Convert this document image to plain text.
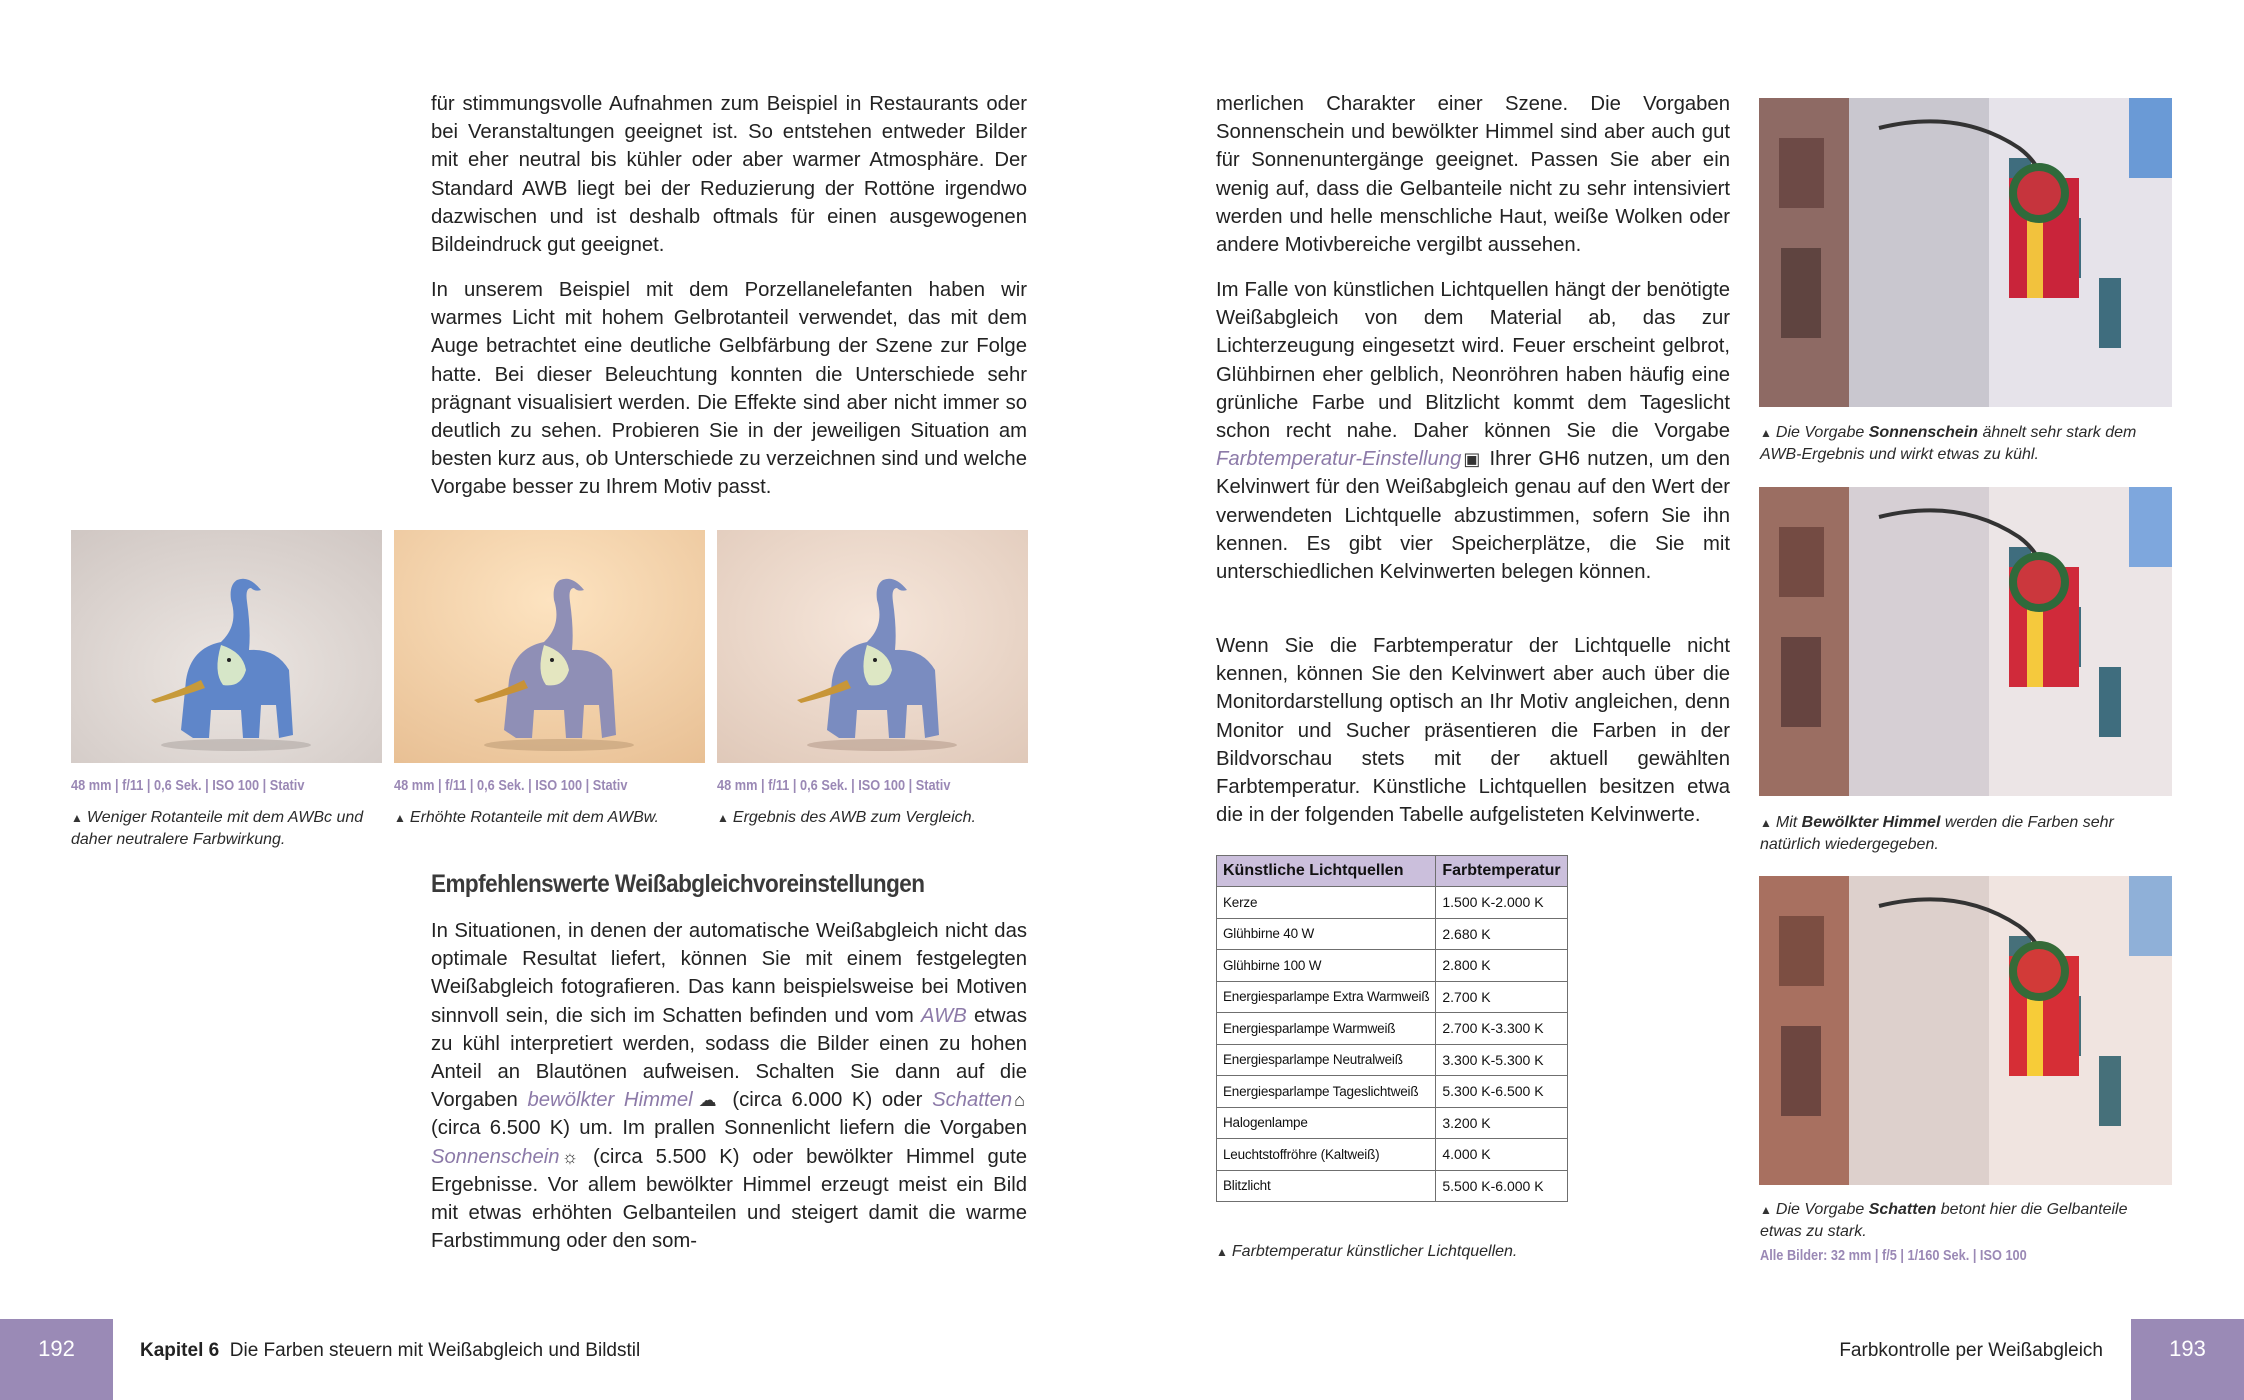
für stimmungsvolle Aufnahmen zum Beispiel in Restaurants oder bei Veranstaltungen geeignet ist. So entstehen entweder Bilder mit eher neutral bis kühler oder aber warmer Atmosphäre. Der Standard AWB liegt bei der Reduzierung der Rottöne irgendwo dazwischen und ist deshalb oftmals für einen ausgewogenen Bildeindruck gut geeignet.
In unserem Beispiel mit dem Porzellanelefanten haben wir warmes Licht mit hohem Gelbrotanteil verwendet, das mit dem Auge betrachtet eine deutliche Gelbfärbung der Szene zur Folge hatte. Bei dieser Beleuchtung konnten die Unterschiede sehr prägnant visualisiert werden. Die Effekte sind aber nicht immer so deutlich zu sehen. Probieren Sie in der jeweiligen Situation am besten kurz aus, ob Unterschiede zu verzeichnen sind und welche Vorgabe besser zu Ihrem Motiv passt.
48 mm | f/11 | 0,6 Sek. | ISO 100 | Stativ	48 mm | f/11 | 0,6 Sek. | ISO 100 | Stativ	48 mm | f/11 | 0,6 Sek. | ISO 100 | Stativ
▲ Weniger Rotanteile mit dem AWBc und daher neutralere Farbwirkung.
▲ Erhöhte Rotanteile mit dem AWBw.	▲ Ergebnis des AWB zum Vergleich.
Empfehlenswerte Weißabgleichvoreinstellungen
In Situationen, in denen der automatische Weißabgleich nicht das optimale Resultat liefert, können Sie mit einem festgelegten Weißabgleich fotografieren. Das kann beispielsweise bei Motiven sinnvoll sein, die sich im Schatten befinden und vom AWB etwas zu kühl interpretiert werden, sodass die Bilder einen zu hohen Anteil an Blautönen aufweisen. Schalten Sie dann auf die Vorgaben bewölkter Himmel ☁ (circa 6.000 K) oder Schatten ⌂ (circa 6.500 K) um. Im prallen Sonnenlicht liefern die Vorgaben Sonnenschein ☼ (circa 5.500 K) oder bewölkter Himmel gute Ergebnisse. Vor allem bewölkter Himmel erzeugt meist ein Bild mit etwas erhöhten Gelbanteilen und steigert damit die warme Farbstimmung oder den som-
merlichen Charakter einer Szene. Die Vorgaben Sonnenschein und bewölkter Himmel sind aber auch gut für Sonnenuntergänge geeignet. Passen Sie aber ein wenig auf, dass die Gelbanteile nicht zu sehr intensiviert werden und helle menschliche Haut, weiße Wolken oder andere Motivbereiche vergilbt aussehen.
Im Falle von künstlichen Lichtquellen hängt der benötigte Weißabgleich von dem Material ab, das zur Lichterzeugung eingesetzt wird. Feuer erscheint gelbrot, Glühbirnen eher gelblich, Neonröhren haben häufig eine grünliche Farbe und Blitzlicht kommt dem Tageslicht schon recht nahe. Daher können Sie die Vorgabe Farbtemperatur-Einstellung ▣ Ihrer GH6 nutzen, um den Kelvinwert für den Weißabgleich genau auf den Wert der verwendeten Lichtquelle abzustimmen, sofern Sie ihn kennen. Es gibt vier Speicherplätze, die Sie mit unterschiedlichen Kelvinwerten belegen können.
Wenn Sie die Farbtemperatur der Lichtquelle nicht kennen, können Sie den Kelvinwert aber auch über die Monitordarstellung optisch an Ihr Motiv angleichen, denn Monitor und Sucher präsentieren die Farben in der Bildvorschau stets mit der aktuell gewählten Farbtemperatur. Künstliche Lichtquellen besitzen etwa die in der folgenden Tabelle aufgelisteten Kelvinwerte.
Künstliche Lichtquellen	Farbtemperatur
Kerze	1.500 K-2.000 K
Glühbirne 40 W	2.680 K
Glühbirne 100 W	2.800 K
Energiesparlampe Extra Warmweiß	2.700 K
Energiesparlampe Warmweiß	2.700 K-3.300 K
Energiesparlampe Neutralweiß	3.300 K-5.300 K
Energiesparlampe Tageslichtweiß	5.300 K-6.500 K
Halogenlampe	3.200 K
Leuchtstoffröhre (Kaltweiß)	4.000 K
Blitzlicht	5.500 K-6.000 K
▲ Farbtemperatur künstlicher Lichtquellen.
▲ Die Vorgabe Sonnenschein ähnelt sehr stark dem AWB-Ergebnis und wirkt etwas zu kühl.
▲ Mit Bewölkter Himmel werden die Farben sehr natürlich wiedergegeben.
▲ Die Vorgabe Schatten betont hier die Gelbanteile etwas zu stark.
Alle Bilder: 32 mm | f/5 | 1/160 Sek. | ISO 100
192	Kapitel 6 Die Farben steuern mit Weißabgleich und Bildstil	Farbkontrolle per Weißabgleich	193
